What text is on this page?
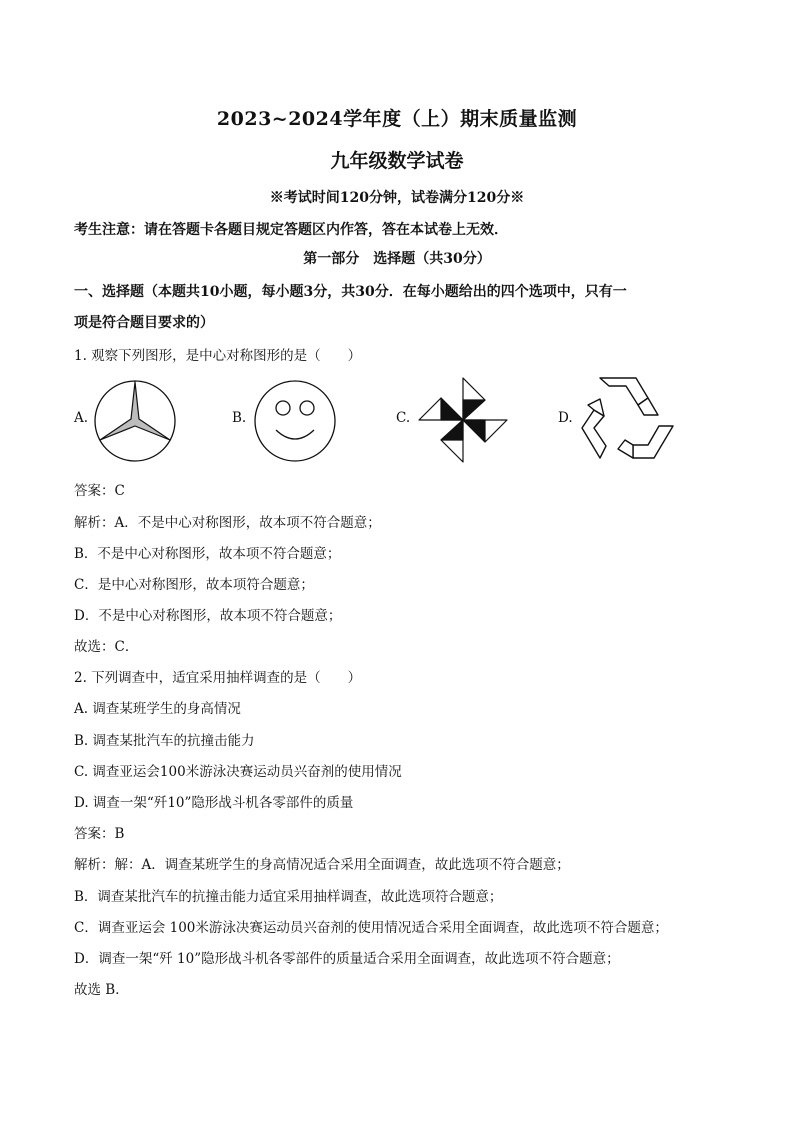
2023~2024学年度（上）期末质量监测
九年级数学试卷
※考试时间120分钟，试卷满分120分※
考生注意：请在答题卡各题目规定答题区内作答，答在本试卷上无效．
第一部分　选择题（共30分）
一、选择题（本题共10小题，每小题3分，共30分．在每小题给出的四个选项中，只有一
项是符合题目要求的）
1. 观察下列图形，是中心对称图形的是（　　）
A.	B.	C.	D.
答案：C
解析：A．不是中心对称图形，故本项不符合题意；
B．不是中心对称图形，故本项不符合题意；
C．是中心对称图形，故本项符合题意；
D．不是中心对称图形，故本项不符合题意；
故选：C．
2. 下列调查中，适宜采用抽样调查的是（　　）
A. 调查某班学生的身高情况
B. 调查某批汽车的抗撞击能力
C. 调查亚运会100米游泳决赛运动员兴奋剂的使用情况
D. 调查一架“歼10”隐形战斗机各零部件的质量
答案：B
解析：解：A．调查某班学生的身高情况适合采用全面调查，故此选项不符合题意；
B．调查某批汽车的抗撞击能力适宜采用抽样调查，故此选项符合题意；
C．调查亚运会 100米游泳决赛运动员兴奋剂的使用情况适合采用全面调查，故此选项不符合题意；
D．调查一架“歼 10”隐形战斗机各零部件的质量适合采用全面调查，故此选项不符合题意；
故选 B．
